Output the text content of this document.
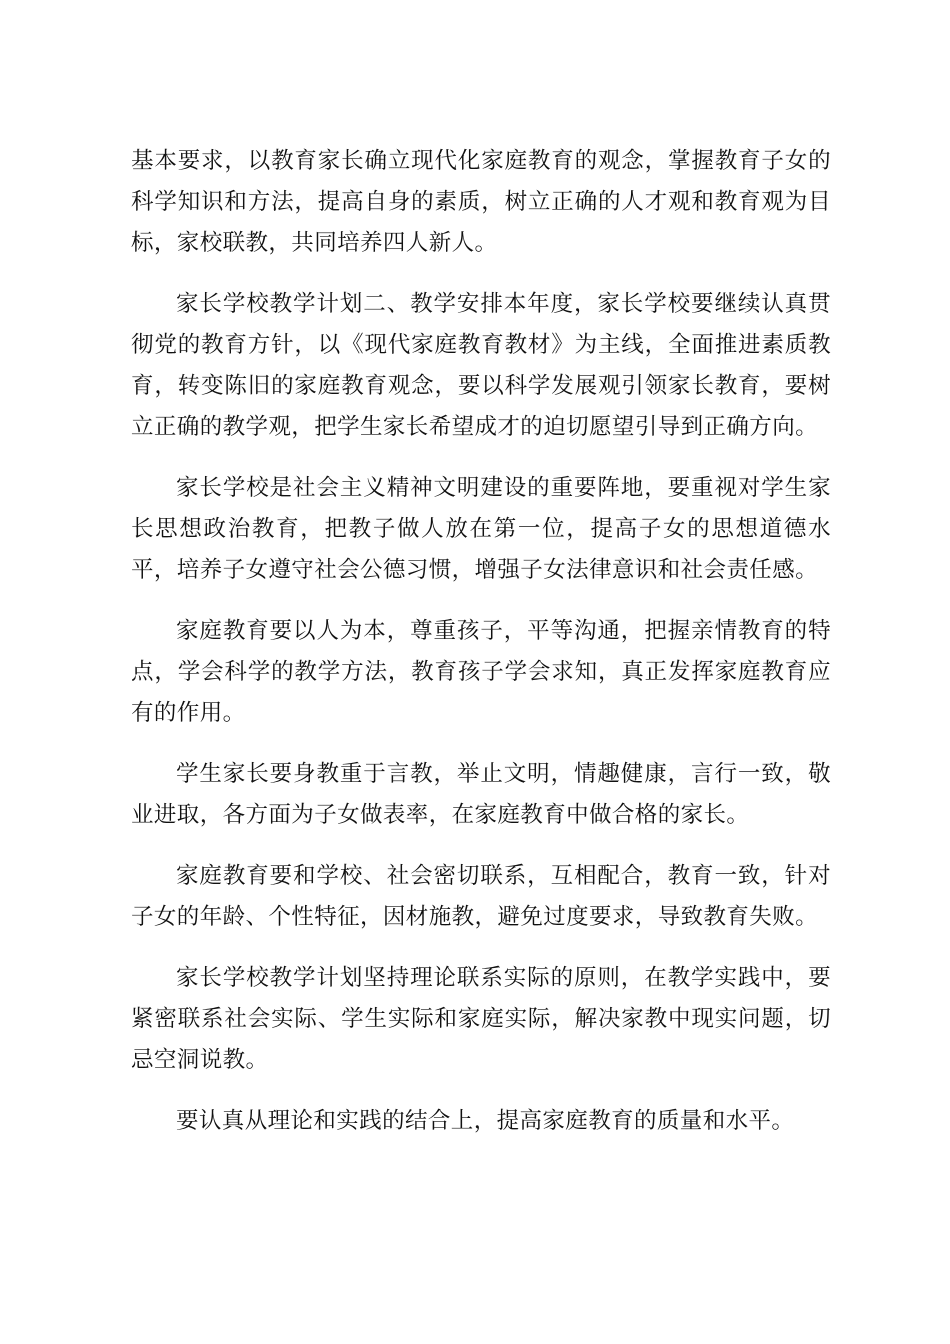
基本要求，以教育家长确立现代化家庭教育的观念，掌握教育子女的科学知识和方法，提高自身的素质，树立正确的人才观和教育观为目标，家校联教，共同培养四人新人。

家长学校教学计划二、教学安排本年度，家长学校要继续认真贯彻党的教育方针，以《现代家庭教育教材》为主线，全面推进素质教育，转变陈旧的家庭教育观念，要以科学发展观引领家长教育，要树立正确的教学观，把学生家长希望成才的迫切愿望引导到正确方向。

家长学校是社会主义精神文明建设的重要阵地，要重视对学生家长思想政治教育，把教子做人放在第一位，提高子女的思想道德水平，培养子女遵守社会公德习惯，增强子女法律意识和社会责任感。

家庭教育要以人为本，尊重孩子，平等沟通，把握亲情教育的特点，学会科学的教学方法，教育孩子学会求知，真正发挥家庭教育应有的作用。

学生家长要身教重于言教，举止文明，情趣健康，言行一致，敬业进取，各方面为子女做表率，在家庭教育中做合格的家长。

家庭教育要和学校、社会密切联系，互相配合，教育一致，针对子女的年龄、个性特征，因材施教，避免过度要求，导致教育失败。

家长学校教学计划坚持理论联系实际的原则，在教学实践中，要紧密联系社会实际、学生实际和家庭实际，解决家教中现实问题，切忌空洞说教。

要认真从理论和实践的结合上，提高家庭教育的质量和水平。
